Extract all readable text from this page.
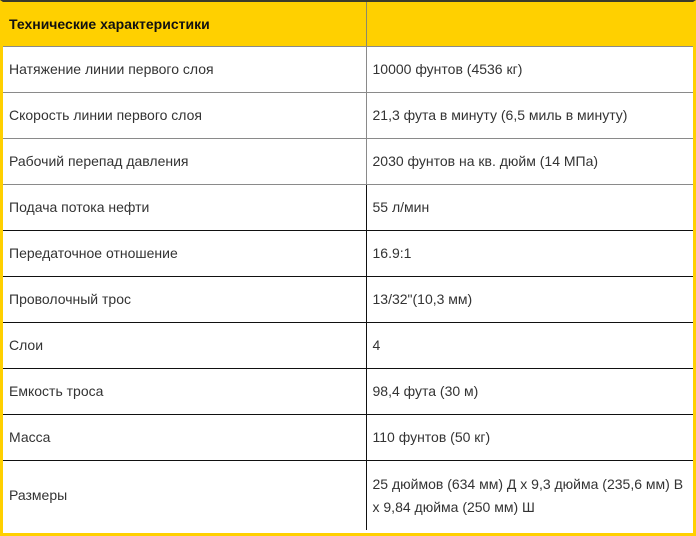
Технические характеристики	
Натяжение линии первого слоя	10000 фунтов (4536 кг)
Скорость линии первого слоя	21,3 фута в минуту (6,5 миль в минуту)
Рабочий перепад давления	2030 фунтов на кв. дюйм (14 МПа)
Подача потока нефти	55 л/мин
Передаточное отношение	16.9:1
Проволочный трос	13/32"(10,3 мм)
Слои	4
Емкость троса	98,4 фута (30 м)
Масса	110 фунтов (50 кг)
Размеры	25 дюймов (634 мм) Д x 9,3 дюйма (235,6 мм) В x 9,84 дюйма (250 мм) Ш
